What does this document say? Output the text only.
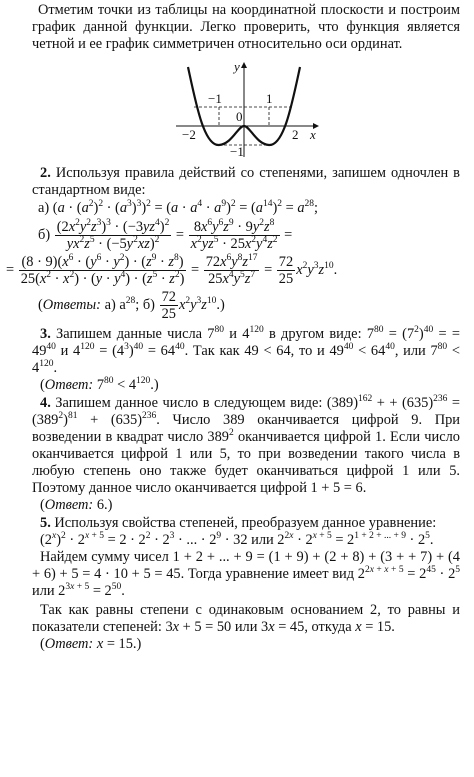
Отметим точки из таблицы на координатной плоскости и построим график данной функции. Легко проверить, что функция является четной и ее график симметричен относительно оси ординат.

y
x
−1	1
0
−2	2
−1

2. Используя правила действий со степенями, запишем одночлен в стандартном виде:

а) $(a \cdot (a^2)^2 \cdot (a^3)^3)^2 = (a \cdot a^4 \cdot a^9)^2 = (a^{14})^2 = a^{28}$;

$б) \frac{(2x^2y^2z^3)^3 \cdot (-3yz^4)^2}{yx^2z^5 \cdot (-5y^2xz)^2} = \frac{8x^6y^6z^9 \cdot 9y^2z^8}{x^2yz^5 \cdot 25x^2y^4z^2}$ =

= $\frac{(8 \cdot 9)(x^6 \cdot (y^6 \cdot y^2) \cdot (z^9 \cdot z^8)}{25(x^2 \cdot x^2) \cdot (y \cdot y^4) \cdot (z^5 \cdot z^2)} = \frac{72x^6y^8z^{17}}{25x^4y^5z^7} = \frac{72}{25} x^2y^3z^{10}$.

(Ответы: а) $a^{28}$; $б) \frac{72}{25} x^2y^3z^{10}$.)

3. Запишем данные числа $7^{80}$ и $4^{120}$ в другом виде: $7^{80} = (7^2)^{40}$ = = $49^{40}$ и $4^{120} = (4^3)^{40} = 64^{40}$. Так как 49 < 64, то и $49^{40} < 64^{40}$, или $7^{80} < 4^{120}$.

(Ответ: $7^{80} < 4^{120}$.)

4. Запишем данное число в следующем виде: $(389)^{162}$ + + $(635)^{236} = (389^2)^{81} + (635)^{236}$. Число 389 оканчивается цифрой 9. При возведении в квадрат число $389^2$ оканчивается цифрой 1. Если число оканчивается цифрой 1 или 5, то при возведении такого числа в любую степень оно также будет оканчиваться цифрой 1 или 5. Поэтому данное число оканчивается цифрой 1 + 5 = 6.

(Ответ: 6.)

5. Используя свойства степеней, преобразуем данное уравнение:

$(2^x)^2 \cdot 2^{x + 5} = 2 \cdot 2^2 \cdot 2^3$ · ... · $2^9 \cdot 32$ или $2^{2x} \cdot 2^{x + 5} = 2^{1 + 2 + ... + 9} \cdot 2^5$.

Найдем сумму чисел 1 + 2 + ... + 9 = (1 + 9) + (2 + 8) + (3 + + 7) + (4 + 6) + 5 = 4 · 10 + 5 = 45. Тогда уравнение имеет вид $2^{2x + x + 5} = 2^{45} \cdot 2^5$ или $2^{3x + 5} = 2^{50}$.

Так как равны степени с одинаковым основанием 2, то равны и показатели степеней: 3x + 5 = 50 или 3x = 45, откуда x = 15.

(Ответ: x = 15.)
